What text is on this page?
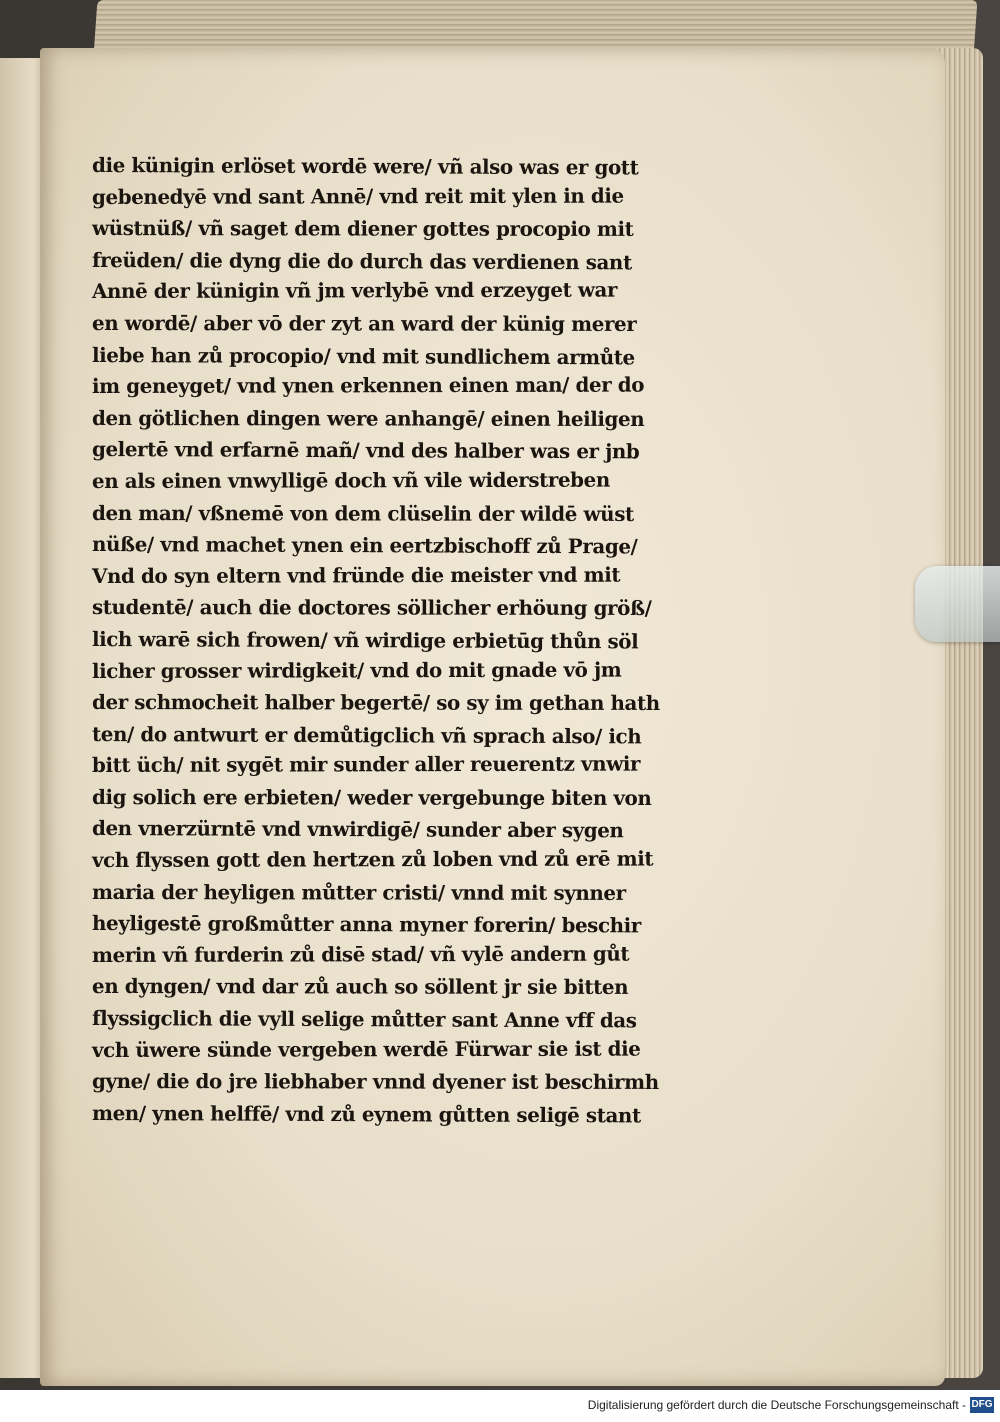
die künigin erlöset wordē were/ vñ also was er gott
gebenedyē vnd sant Annē/ vnd reit mit ylen in die
wüstnüß/ vñ saget dem diener gottes procopio mit
freüden/ die dyng die do durch das verdienen sant
Annē der künigin vñ jm verlybē vnd erzeyget war
en wordē/ aber vō der zyt an ward der künig merer
liebe han zů procopio/ vnd mit sundlichem armůte
im geneyget/ vnd ynen erkennen einen man/ der do
den götlichen dingen were anhangē/ einen heiligen
gelertē vnd erfarnē mañ/ vnd des halber was er jnb
en als einen vnwylligē doch vñ vile widerstreben
den man/ vßnemē von dem clüselin der wildē wüst
nüße/ vnd machet ynen ein eertzbischoff zů Prage/
Vnd do syn eltern vnd fründe die meister vnd mit
studentē/ auch die doctores söllicher erhöung größ/
lich warē sich frowen/ vñ wirdige erbietūg thůn söl
licher grosser wirdigkeit/ vnd do mit gnade vō jm
der schmocheit halber begertē/ so sy im gethan hath
ten/ do antwurt er demůtigclich vñ sprach also/ ich
bitt üch/ nit sygēt mir sunder aller reuerentz vnwir
dig solich ere erbieten/ weder vergebunge biten von
den vnerzürntē vnd vnwirdigē/ sunder aber sygen
vch flyssen gott den hertzen zů loben vnd zů erē mit
maria der heyligen můtter cristi/ vnnd mit synner
heyligestē großmůtter anna myner forerin/ beschir
merin vñ furderin zů disē stad/ vñ vylē andern gůt
en dyngen/ vnd dar zů auch so söllent jr sie bitten
flyssigclich die vyll selige můtter sant Anne vff das
vch üwere sünde vergeben werdē Fürwar sie ist die
gyne/ die do jre liebhaber vnnd dyener ist beschirmh
men/ ynen helffē/ vnd zů eynem gůtten seligē stant
Digitalisierung gefördert durch die Deutsche Forschungsgemeinschaft - DFG
